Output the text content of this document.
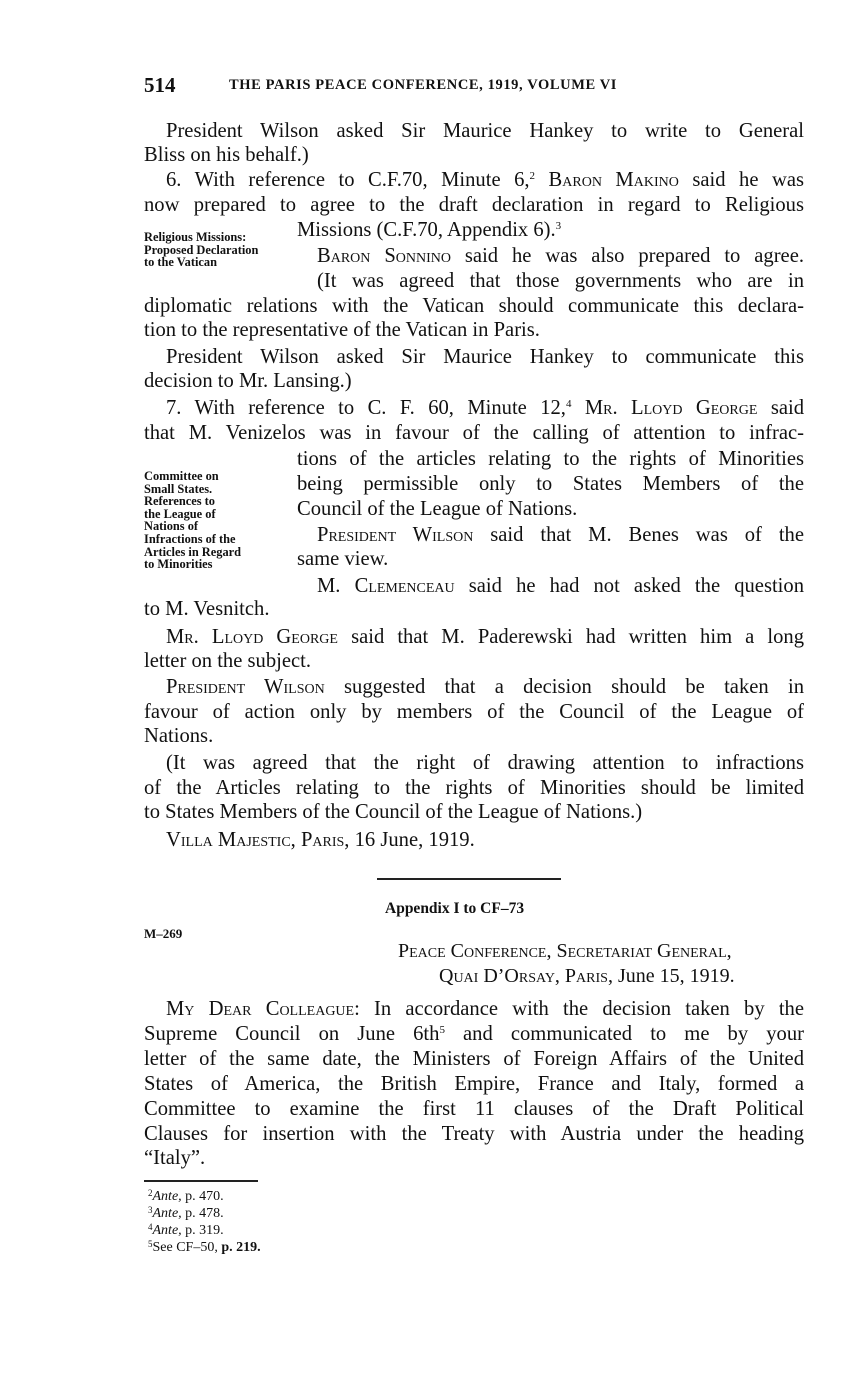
514	THE PARIS PEACE CONFERENCE, 1919, VOLUME VI
President Wilson asked Sir Maurice Hankey to write to General
Bliss on his behalf.)
6. With reference to C.F.70, Minute 6,$^2$ Baron Makino said he was
now prepared to agree to the draft declaration in regard to Religious
Missions (C.F.70, Appendix 6).$^3$
Religious Missions:
Proposed Declaration
to the Vatican	Baron Sonnino said he was also prepared to agree.
(It was agreed that those governments who are in
diplomatic relations with the Vatican should communicate this declara-
tion to the representative of the Vatican in Paris.
President Wilson asked Sir Maurice Hankey to communicate this
decision to Mr. Lansing.)
7. With reference to C. F. 60, Minute 12,$^4$ Mr. Lloyd George said
that M. Venizelos was in favour of the calling of attention to infrac-
tions of the articles relating to the rights of Minorities
being permissible only to States Members of the
Council of the League of Nations.
Committee on
Small States.
References to
the League of
Nations of
Infractions of the
Articles in Regard
to Minorities
President Wilson said that M. Benes was of the
same view.
M. Clemenceau said he had not asked the question
to M. Vesnitch.
Mr. Lloyd George said that M. Paderewski had written him a long
letter on the subject.
President Wilson suggested that a decision should be taken in
favour of action only by members of the Council of the League of
Nations.
(It was agreed that the right of drawing attention to infractions
of the Articles relating to the rights of Minorities should be limited
to States Members of the Council of the League of Nations.)
Villa Majestic, Paris, 16 June, 1919.
Appendix I to CF–73
M–269
Peace Conference, Secretariat General,
Quai D’Orsay, Paris, June 15, 1919.
My Dear Colleague: In accordance with the decision taken by the
Supreme Council on June $6th^5$ and communicated to me by your
letter of the same date, the Ministers of Foreign Affairs of the United
States of America, the British Empire, France and Italy, formed a
Committee to examine the first 11 clauses of the Draft Political
Clauses for insertion with the Treaty with Austria under the heading
“Italy”.
$^2$Ante, p. 470.
$^3$Ante, p. 478.
$^4$Ante, p. 319.
$^5$See CF–50, p. 219.
